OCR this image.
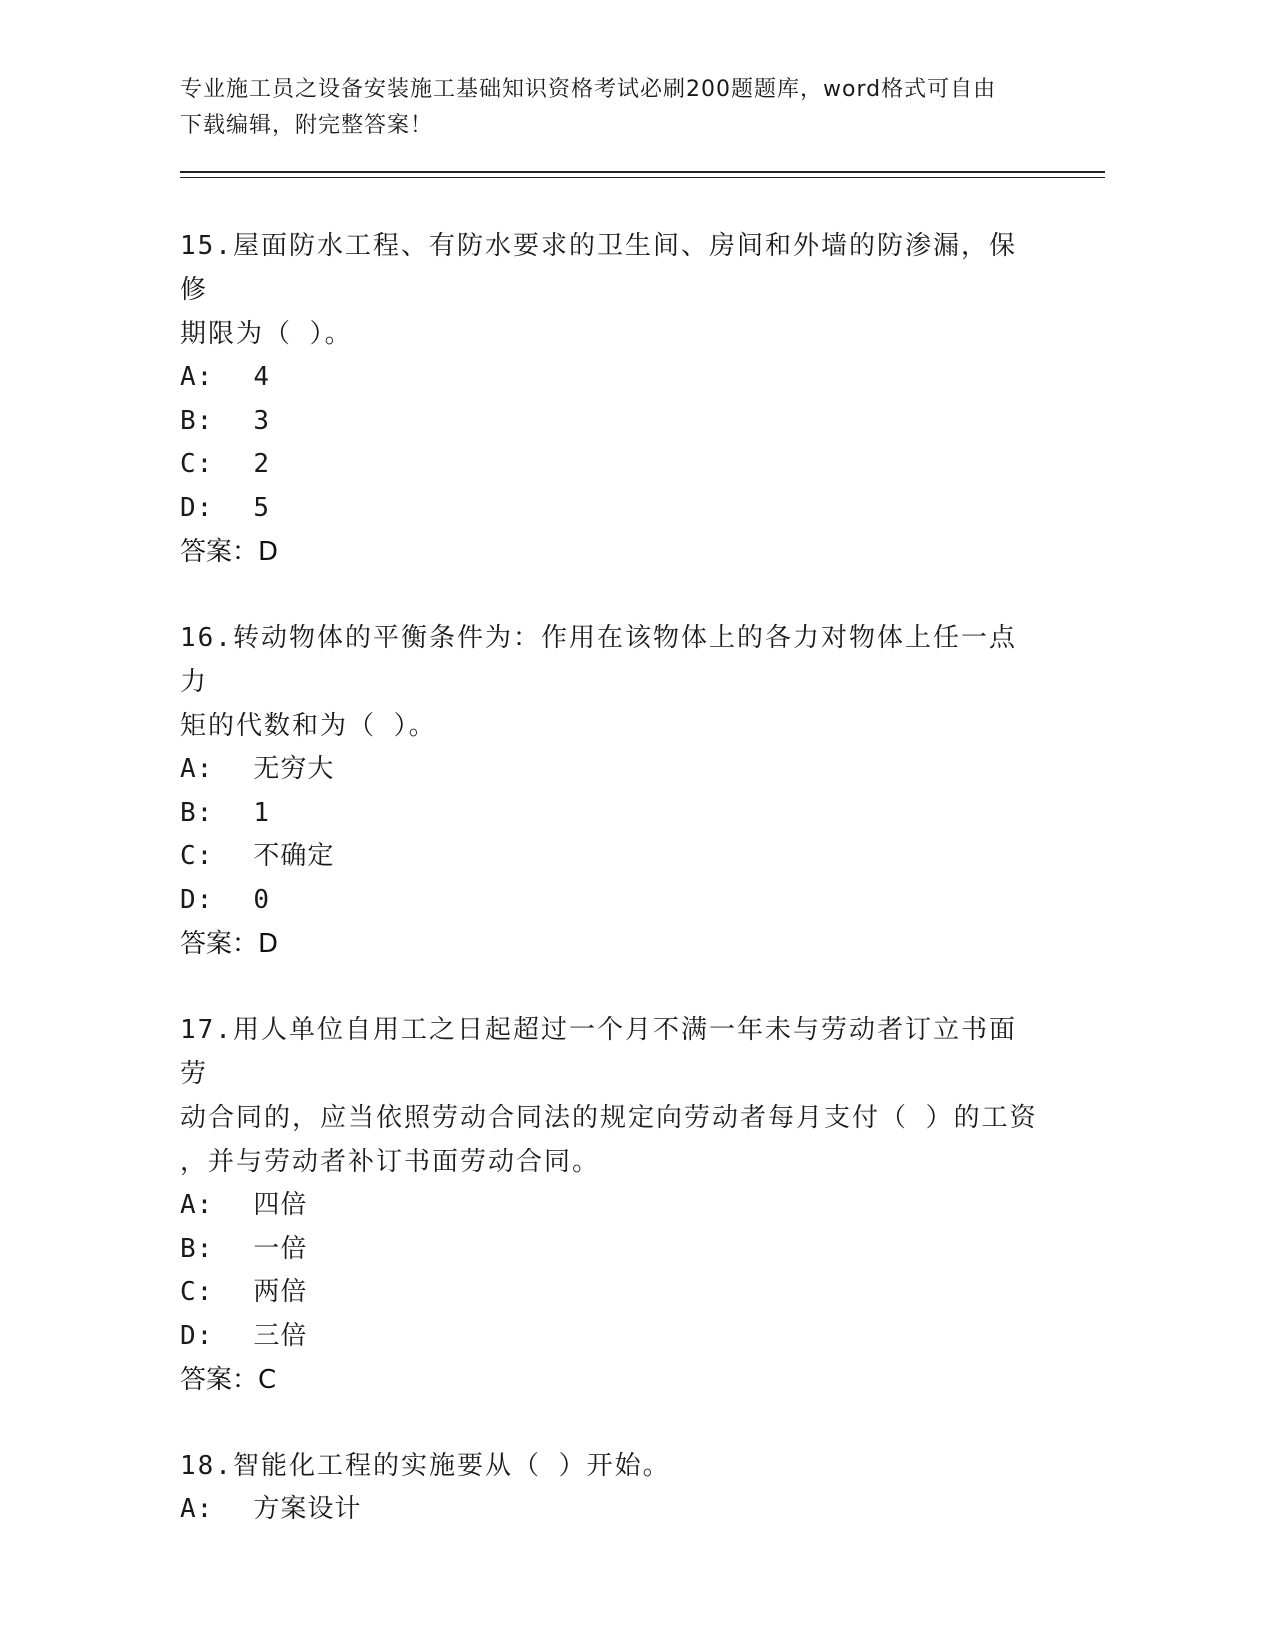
专业施工员之设备安装施工基础知识资格考试必刷200题题库，word格式可自由
下载编辑，附完整答案！

15.屋面防水工程、有防水要求的卫生间、房间和外墙的防渗漏，保修

期限为（ ）。

A: 4

B: 3

C: 2

D: 5

答案：D

16.转动物体的平衡条件为：作用在该物体上的各力对物体上任一点力

矩的代数和为（ ）。

A: 无穷大

B: 1

C: 不确定

D: 0

答案：D

17.用人单位自用工之日起超过一个月不满一年未与劳动者订立书面劳

动合同的，应当依照劳动合同法的规定向劳动者每月支付（ ）的工资

，并与劳动者补订书面劳动合同。

A: 四倍

B: 一倍

C: 两倍

D: 三倍

答案：C

18.智能化工程的实施要从（ ）开始。

A: 方案设计
